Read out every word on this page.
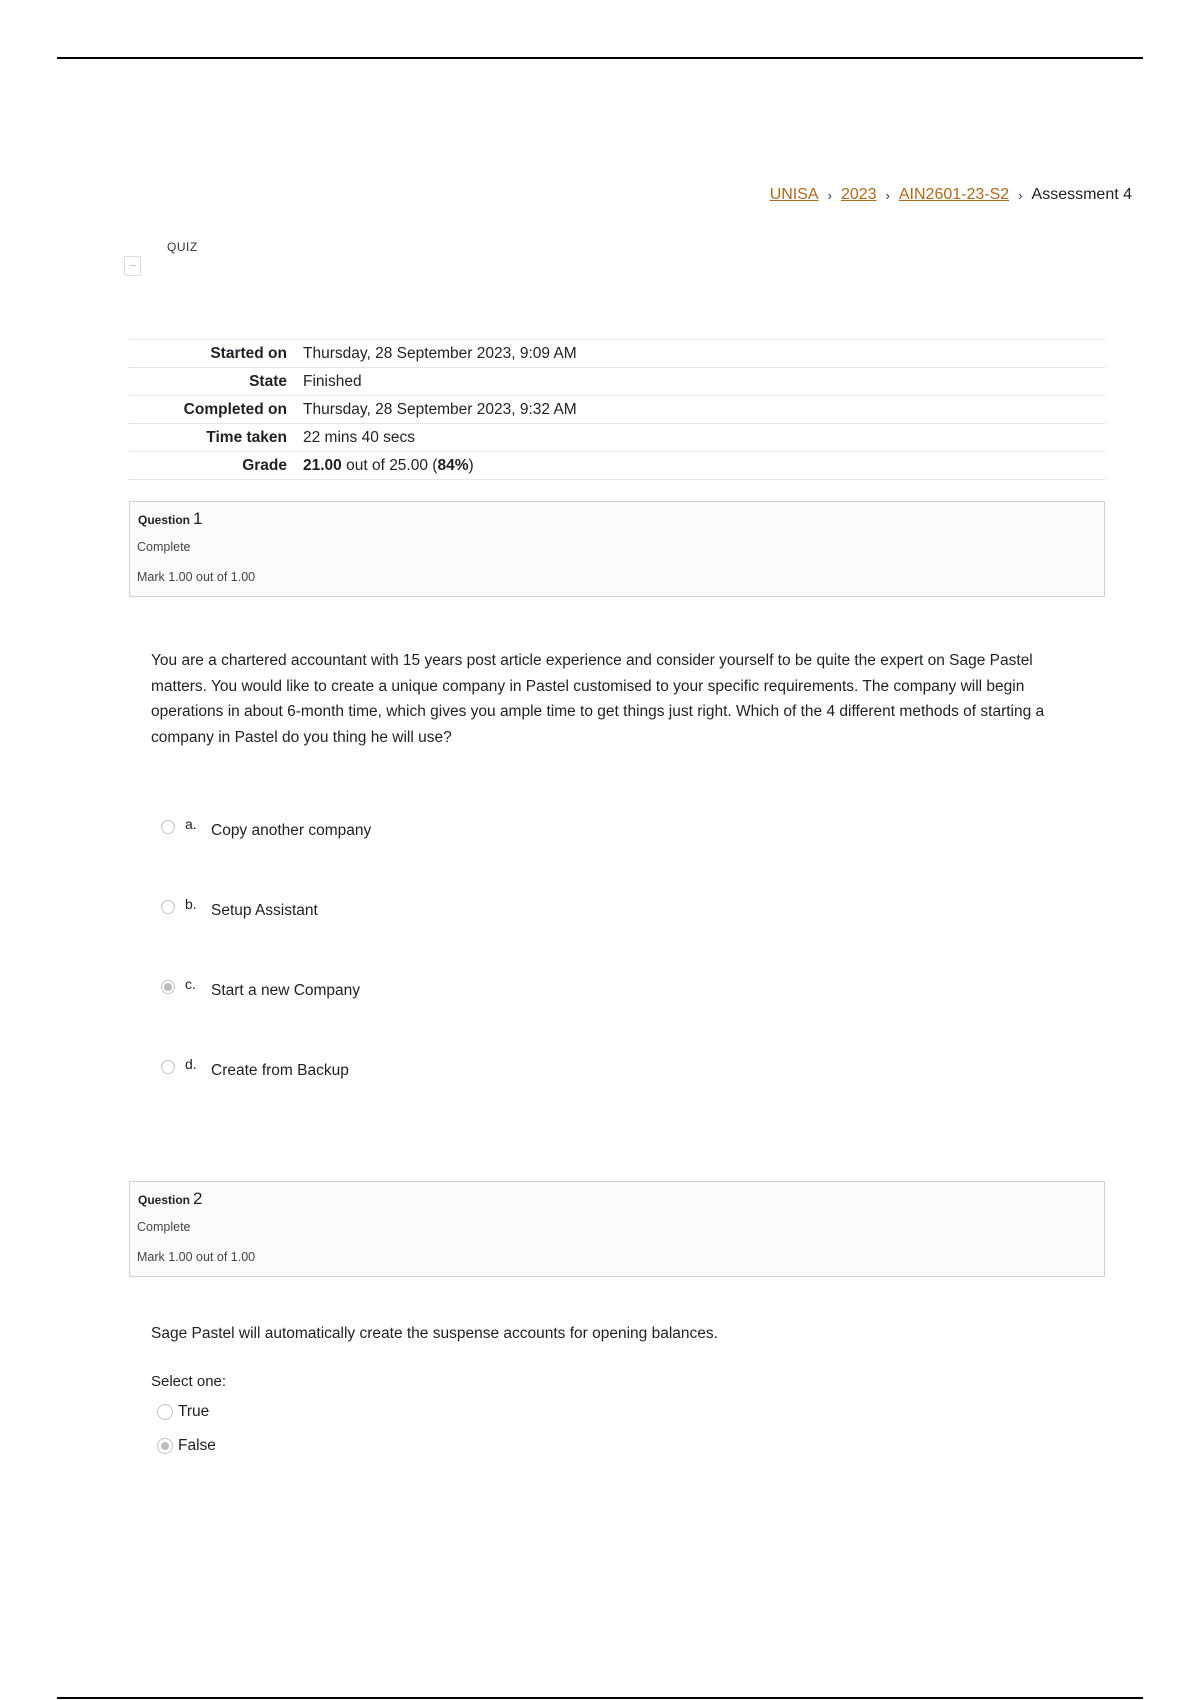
UNISA › 2023 › AIN2601-23-S2 › Assessment 4
QUIZ
Started on	Thursday, 28 September 2023, 9:09 AM
State	Finished
Completed on	Thursday, 28 September 2023, 9:32 AM
Time taken	22 mins 40 secs
Grade	21.00 out of 25.00 (84%)
Question 1
Complete
Mark 1.00 out of 1.00

You are a chartered accountant with 15 years post article experience and consider yourself to be quite the expert on Sage Pastel matters. You would like to create a unique company in Pastel customised to your specific requirements. The company will begin operations in about 6-month time, which gives you ample time to get things just right. Which of the 4 different methods of starting a company in Pastel do you thing he will use?

a. Copy another company
b. Setup Assistant
c. Start a new Company
d. Create from Backup
Question 2
Complete
Mark 1.00 out of 1.00

Sage Pastel will automatically create the suspense accounts for opening balances.

Select one:
True
False
